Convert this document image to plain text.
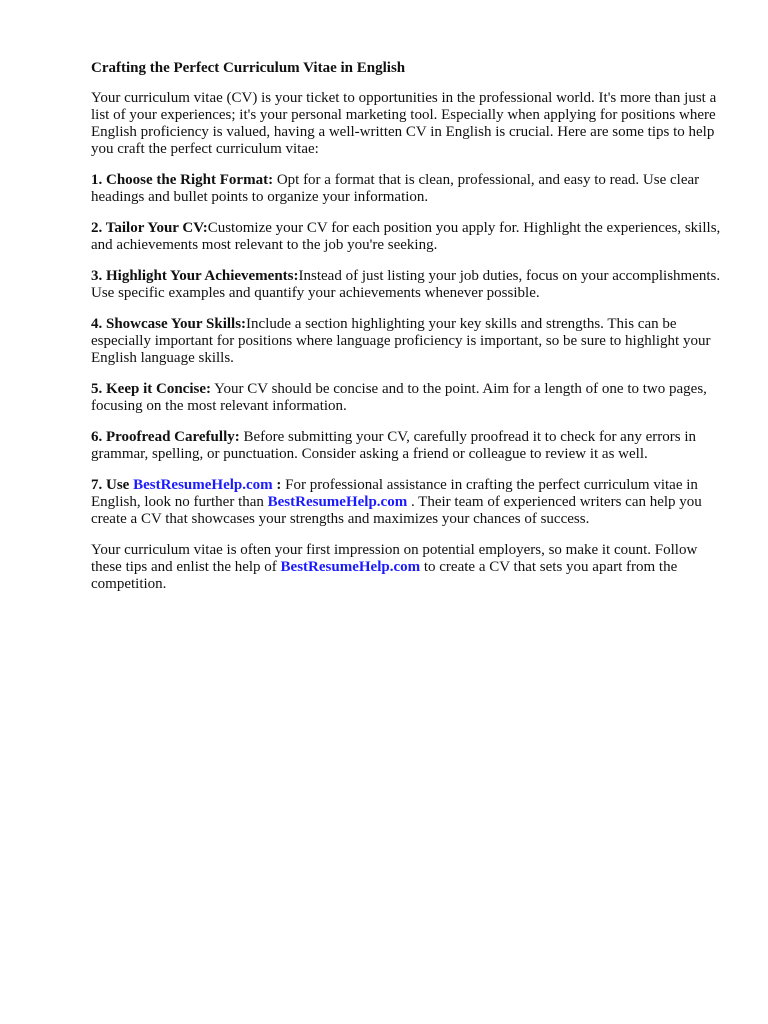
Crafting the Perfect Curriculum Vitae in English

Your curriculum vitae (CV) is your ticket to opportunities in the professional world. It's more than just a list of your experiences; it's your personal marketing tool. Especially when applying for positions where English proficiency is valued, having a well-written CV in English is crucial. Here are some tips to help you craft the perfect curriculum vitae:

1. Choose the Right Format: Opt for a format that is clean, professional, and easy to read. Use clear headings and bullet points to organize your information.

2. Tailor Your CV:Customize your CV for each position you apply for. Highlight the experiences, skills, and achievements most relevant to the job you're seeking.

3. Highlight Your Achievements:Instead of just listing your job duties, focus on your accomplishments. Use specific examples and quantify your achievements whenever possible.

4. Showcase Your Skills:Include a section highlighting your key skills and strengths. This can be especially important for positions where language proficiency is important, so be sure to highlight your English language skills.

5. Keep it Concise: Your CV should be concise and to the point. Aim for a length of one to two pages, focusing on the most relevant information.

6. Proofread Carefully: Before submitting your CV, carefully proofread it to check for any errors in grammar, spelling, or punctuation. Consider asking a friend or colleague to review it as well.

7. Use BestResumeHelp.com : For professional assistance in crafting the perfect curriculum vitae in English, look no further than BestResumeHelp.com . Their team of experienced writers can help you create a CV that showcases your strengths and maximizes your chances of success.

Your curriculum vitae is often your first impression on potential employers, so make it count. Follow these tips and enlist the help of BestResumeHelp.com to create a CV that sets you apart from the competition.
